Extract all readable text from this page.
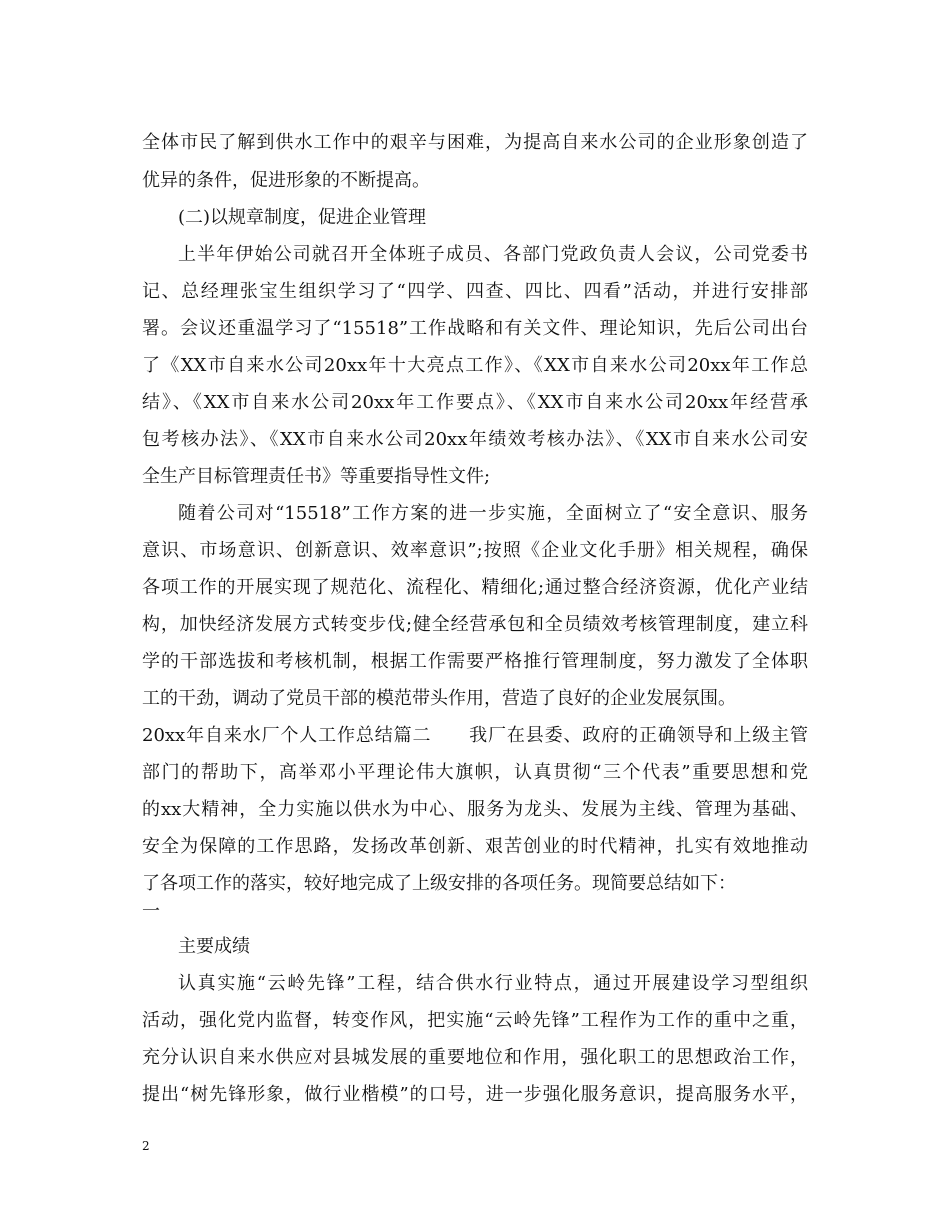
全体市民了解到供水工作中的艰辛与困难，为提高自来水公司的企业形象创造了
优异的条件，促进形象的不断提高。
(二)以规章制度，促进企业管理
上半年伊始公司就召开全体班子成员、各部门党政负责人会议，公司党委书
记、总经理张宝生组织学习了“四学、四查、四比、四看”活动，并进行安排部
署。会议还重温学习了“15518”工作战略和有关文件、理论知识，先后公司出台
了《XX市自来水公司20xx年十大亮点工作》、《XX市自来水公司20xx年工作总
结》、《XX市自来水公司20xx年工作要点》、《XX市自来水公司20xx年经营承
包考核办法》、《XX市自来水公司20xx年绩效考核办法》、《XX市自来水公司安
全生产目标管理责任书》等重要指导性文件;
随着公司对“15518”工作方案的进一步实施，全面树立了“安全意识、服务
意识、市场意识、创新意识、效率意识”;按照《企业文化手册》相关规程，确保
各项工作的开展实现了规范化、流程化、精细化;通过整合经济资源，优化产业结
构，加快经济发展方式转变步伐;健全经营承包和全员绩效考核管理制度，建立科
学的干部选拔和考核机制，根据工作需要严格推行管理制度，努力激发了全体职
工的干劲，调动了党员干部的模范带头作用，营造了良好的企业发展氛围。
20xx年自来水厂个人工作总结篇二　　我厂在县委、政府的正确领导和上级主管
部门的帮助下，高举邓小平理论伟大旗帜，认真贯彻“三个代表”重要思想和党
的xx大精神，全力实施以供水为中心、服务为龙头、发展为主线、管理为基础、
安全为保障的工作思路，发扬改革创新、艰苦创业的时代精神，扎实有效地推动
了各项工作的落实，较好地完成了上级安排的各项任务。现简要总结如下：
一
主要成绩
认真实施“云岭先锋”工程，结合供水行业特点，通过开展建设学习型组织
活动，强化党内监督，转变作风，把实施“云岭先锋”工程作为工作的重中之重，
充分认识自来水供应对县城发展的重要地位和作用，强化职工的思想政治工作，
提出“树先锋形象，做行业楷模”的口号，进一步强化服务意识，提高服务水平，
2
